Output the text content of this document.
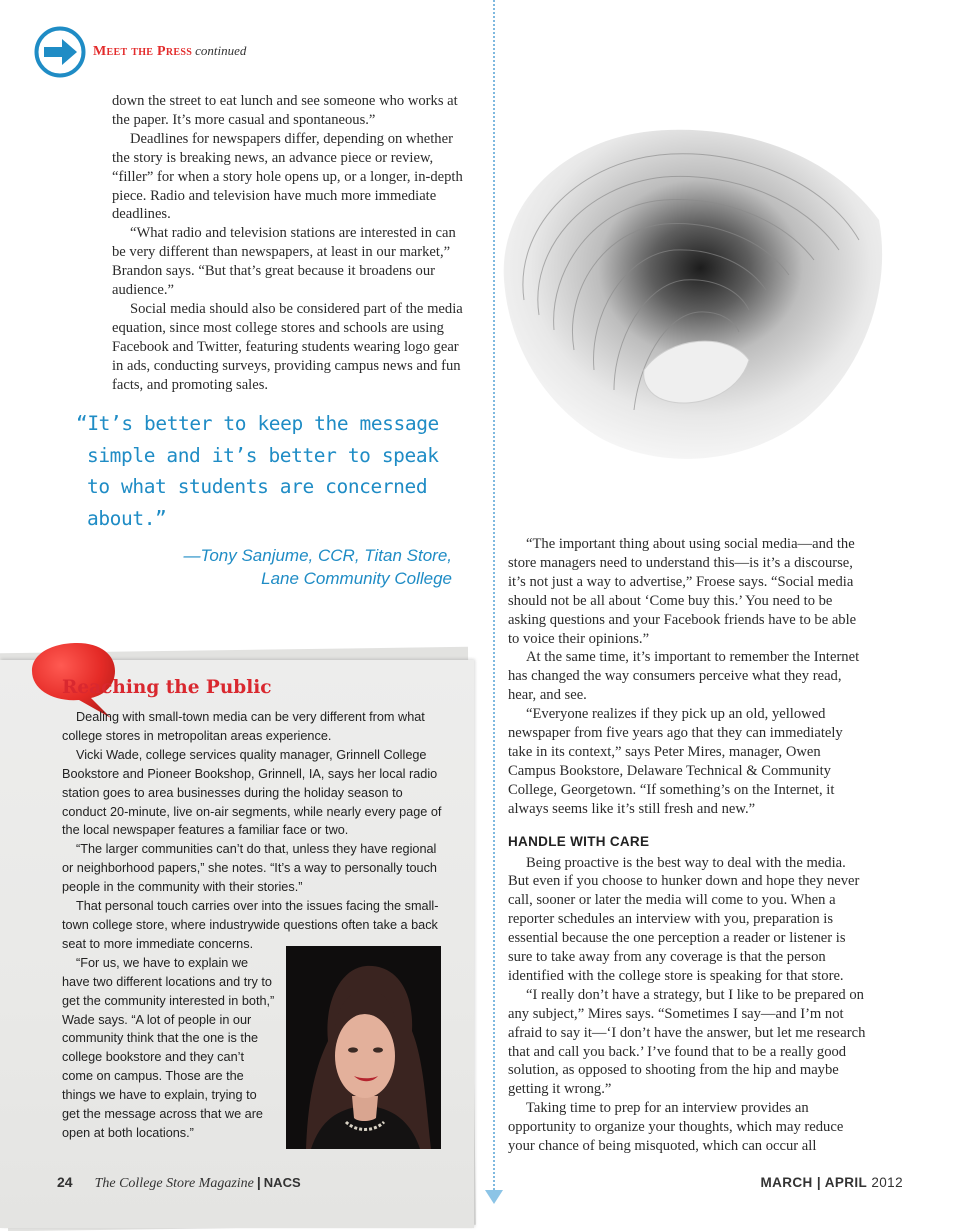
Meet the Press continued

down the street to eat lunch and see someone who works at the paper. It’s more casual and spontaneous.”

Deadlines for newspapers differ, depending on whether the story is breaking news, an advance piece or review, “filler” for when a story hole opens up, or a longer, in-depth piece. Radio and television have much more immediate deadlines.

“What radio and television stations are interested in can be very different than newspapers, at least in our market,” Brandon says. “But that’s great because it broadens our audience.”

Social media should also be considered part of the media equation, since most college stores and schools are using Facebook and Twitter, featuring students wearing logo gear in ads, conducting surveys, providing campus news and fun facts, and promoting sales.

“It’s better to keep the message simple and it’s better to speak to what students are concerned about.”
—Tony Sanjume, CCR, Titan Store,
Lane Community College
Reaching the Public

Dealing with small-town media can be very different from what college stores in metropolitan areas experience.

Vicki Wade, college services quality manager, Grinnell College Bookstore and Pioneer Bookshop, Grinnell, IA, says her local radio station goes to area businesses during the holiday season to conduct 20-minute, live on-air segments, while nearly every page of the local newspaper features a familiar face or two.

“The larger communities can’t do that, unless they have regional or neighborhood papers,” she notes. “It’s a way to personally touch people in the community with their stories.”

That personal touch carries over into the issues facing the small-town college store, where industrywide questions often take a back seat to more immediate concerns.

“For us, we have to explain we have two different locations and try to get the community interested in both,” Wade says. “A lot of people in our community think that the one is the college bookstore and they can’t come on campus. Those are the things we have to explain, trying to get the message across that we are open at both locations.”

“The important thing about using social media—and the store managers need to understand this—is it’s a discourse, it’s not just a way to advertise,” Froese says. “Social media should not be all about ‘Come buy this.’ You need to be asking questions and your Facebook friends have to be able to voice their opinions.”

At the same time, it’s important to remember the Internet has changed the way consumers perceive what they read, hear, and see.

“Everyone realizes if they pick up an old, yellowed newspaper from five years ago that they can immediately take in its context,” says Peter Mires, manager, Owen Campus Bookstore, Delaware Technical & Community College, Georgetown. “If something’s on the Internet, it always seems like it’s still fresh and new.”

HANDLE WITH CARE

Being proactive is the best way to deal with the media. But even if you choose to hunker down and hope they never call, sooner or later the media will come to you. When a reporter schedules an interview with you, preparation is essential because the one perception a reader or listener is sure to take away from any coverage is that the person identified with the college store is speaking for that store.

“I really don’t have a strategy, but I like to be prepared on any subject,” Mires says. “Sometimes I say—and I’m not afraid to say it—‘I don’t have the answer, but let me research that and call you back.’ I’ve found that to be a really good solution, as opposed to shooting from the hip and maybe getting it wrong.”

Taking time to prep for an interview provides an opportunity to organize your thoughts, which may reduce your chance of being misquoted, which can occur all

24 The College Store Magazine | NACS	MARCH | APRIL 2012
